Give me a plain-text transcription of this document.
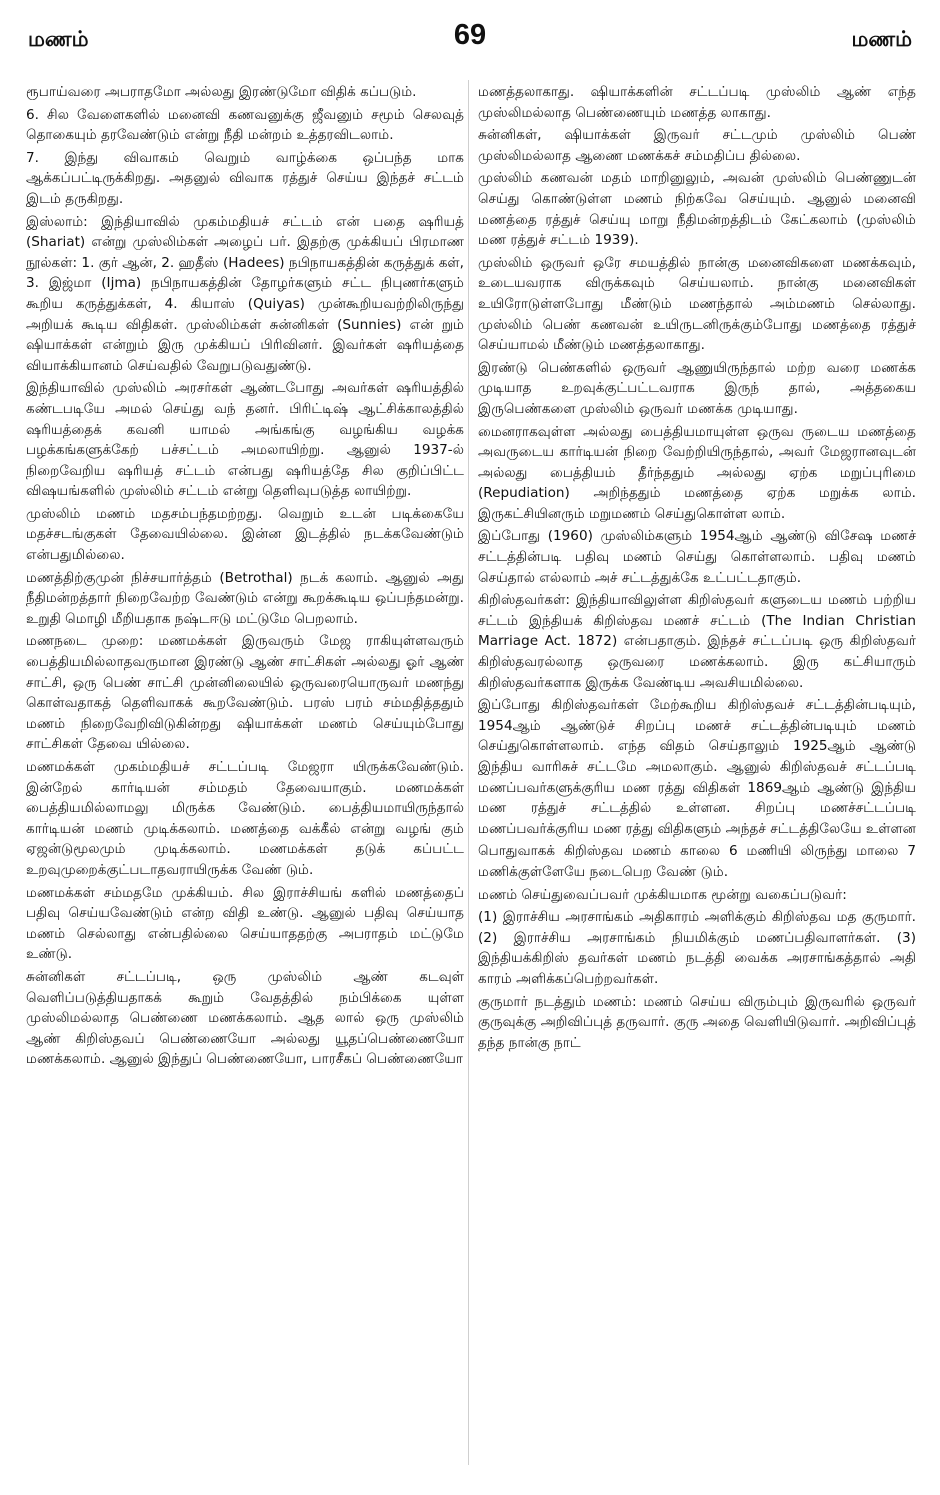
மணம்	69	மணம்

ரூபாய்வரை அபராதமோ அல்லது இரண்டுமோ விதிக் கப்படும்.

6. சில வேளைகளில் மனைவி கணவனுக்கு ஜீவனும் சமூம் செலவுத் தொகையும் தரவேண்டும் என்று நீதி மன்றம் உத்தரவிடலாம்.

7. இந்து விவாகம் வெறும் வாழ்க்கை ஒப்பந்த மாக ஆக்கப்பட்டிருக்கிறது. அதனுல் விவாக ரத்துச் செய்ய இந்தச் சட்டம் இடம் தருகிறது.

இஸ்லாம்: இந்தியாவில் முகம்மதியச் சட்டம் என் பதை ஷரியத் (Shariat) என்று முஸ்லிம்கள் அழைப் பர். இதற்கு முக்கியப் பிரமாண நூல்கள்: 1. குர் ஆன், 2. ஹதீஸ் (Hadees) நபிநாயகத்தின் கருத்துக் கள், 3. இஜ்மா (Ijma) நபிநாயகத்தின் தோழர்களும் சட்ட நிபுணர்களும் கூறிய கருத்துக்கள், 4. கியாஸ் (Quiyas) முன்கூறியவற்றிலிருந்து அறியக் கூடிய விதிகள். முஸ்லிம்கள் சுன்னிகள் (Sunnies) என் றும் ஷியாக்கள் என்றும் இரு முக்கியப் பிரிவினர். இவர்கள் ஷரியத்தை வியாக்கியானம் செய்வதில் வேறுபடுவதுண்டு.

இந்தியாவில் முஸ்லிம் அரசர்கள் ஆண்டபோது அவர்கள் ஷரியத்தில் கண்டபடியே அமல் செய்து வந் தனர். பிரிட்டிஷ் ஆட்சிக்காலத்தில் ஷரியத்தைக் கவனி யாமல் அங்கங்கு வழங்கிய வழக்க பழக்கங்களுக்கேற் பச்சட்டம் அமலாயிற்று. ஆனுல் 1937-ல் நிறைவேறிய ஷரியத் சட்டம் என்பது ஷரியத்தே சில குறிப்பிட்ட விஷயங்களில் முஸ்லிம் சட்டம் என்று தெளிவுபடுத்த லாயிற்று.

முஸ்லிம் மணம் மதசம்பந்தமற்றது. வெறும் உடன் படிக்கையே மதச்சடங்குகள் தேவையில்லை. இன்ன இடத்தில் நடக்கவேண்டும் என்பதுமில்லை.

மணத்திற்குமுன் நிச்சயார்த்தம் (Betrothal) நடக் கலாம். ஆனுல் அது நீதிமன்றத்தார் நிறைவேற்ற வேண்டும் என்று கூறக்கூடிய ஒப்பந்தமன்று. உறுதி மொழி மீறியதாக நஷ்டஈடு மட்டுமே பெறலாம்.

மணநடை முறை: மணமக்கள் இருவரும் மேஜ ராகியுள்ளவரும் பைத்தியமில்லாதவருமான இரண்டு ஆண் சாட்சிகள் அல்லது ஓர் ஆண் சாட்சி, ஒரு பெண் சாட்சி முன்னிலையில் ஒருவரையொருவர் மணந்து கொள்வதாகத் தெளிவாகக் கூறவேண்டும். பரஸ் பரம் சம்மதித்ததும் மணம் நிறைவேறிவிடுகின்றது ஷியாக்கள் மணம் செய்யும்போது சாட்சிகள் தேவை யில்லை.

மணமக்கள் முகம்மதியச் சட்டப்படி மேஜரா யிருக்கவேண்டும். இன்றேல் கார்டியன் சம்மதம் தேவையாகும். மணமக்கள் பைத்தியமில்லாமலு மிருக்க வேண்டும். பைத்தியமாயிருந்தால் கார்டியன் மணம் முடிக்கலாம். மணத்தை வக்கீல் என்று வழங் கும் ஏஜன்டுமூலமும் முடிக்கலாம். மணமக்கள் தடுக் கப்பட்ட உறவுமுறைக்குட்படாதவராயிருக்க வேண் டும்.

மணமக்கள் சம்மதமே முக்கியம். சில இராச்சியங் களில் மணத்தைப் பதிவு செய்யவேண்டும் என்ற விதி உண்டு. ஆனுல் பதிவு செய்யாத மணம் செல்லாது என்பதில்லை செய்யாததற்கு அபராதம் மட்டுமே உண்டு.

சுன்னிகள் சட்டப்படி, ஒரு முஸ்லிம் ஆண் கடவுள் வெளிப்படுத்தியதாகக் கூறும் வேதத்தில் நம்பிக்கை யுள்ள முஸ்லிமல்லாத பெண்ணை மணக்கலாம். ஆத லால் ஒரு முஸ்லிம் ஆண் கிறிஸ்தவப் பெண்ணையோ அல்லது யூதப்பெண்ணையோ மணக்கலாம். ஆனுல் இந்துப் பெண்ணையோ, பாரசீகப் பெண்ணையோ

மணத்தலாகாது. ஷியாக்களின் சட்டப்படி முஸ்லிம் ஆண் எந்த முஸ்லிமல்லாத பெண்ணையும் மணத்த லாகாது.

சுன்னிகள், ஷியாக்கள் இருவர் சட்டமும் முஸ்லிம் பெண் முஸ்லிமல்லாத ஆணை மணக்கச் சம்மதிப்ப தில்லை.

முஸ்லிம் கணவன் மதம் மாறினுலும், அவன் முஸ்லிம் பெண்ணுடன் செய்து கொண்டுள்ள மணம் நிற்கவே செய்யும். ஆனுல் மனைவி மணத்தை ரத்துச் செய்யு மாறு நீதிமன்றத்திடம் கேட்கலாம் (முஸ்லிம் மண ரத்துச் சட்டம் 1939).

முஸ்லிம் ஒருவர் ஒரே சமயத்தில் நான்கு மனைவிகளை மணக்கவும், உடையவராக விருக்கவும் செய்யலாம். நான்கு மனைவிகள் உயிரோடுள்ளபோது மீண்டும் மணந்தால் அம்மணம் செல்லாது. முஸ்லிம் பெண் கணவன் உயிருடனிருக்கும்போது மணத்தை ரத்துச் செய்யாமல் மீண்டும் மணத்தலாகாது.

இரண்டு பெண்களில் ஒருவர் ஆணுயிருந்தால் மற்ற வரை மணக்க முடியாத உறவுக்குட்பட்டவராக இருந் தால், அத்தகைய இருபெண்களை முஸ்லிம் ஒருவர் மணக்க முடியாது.

மைனராகவுள்ள அல்லது பைத்தியமாயுள்ள ஒருவ ருடைய மணத்தை அவருடைய கார்டியன் நிறை வேற்றியிருந்தால், அவர் மேஜரானவுடன் அல்லது பைத்தியம் தீர்ந்ததும் அல்லது ஏற்க மறுப்புரிமை (Repudiation) அறிந்ததும் மணத்தை ஏற்க மறுக்க லாம். இருகட்சியினரும் மறுமணம் செய்துகொள்ள லாம்.

இப்போது (1960) முஸ்லிம்களும் 1954ஆம் ஆண்டு விசேஷ மணச் சட்டத்தின்படி பதிவு மணம் செய்து கொள்ளலாம். பதிவு மணம் செய்தால் எல்லாம் அச் சட்டத்துக்கே உட்பட்டதாகும்.

கிறிஸ்தவர்கள்: இந்தியாவிலுள்ள கிறிஸ்தவர் களுடைய மணம் பற்றிய சட்டம் இந்தியக் கிறிஸ்தவ மணச் சட்டம் (The Indian Christian Marriage Act. 1872) என்பதாகும். இந்தச் சட்டப்படி ஒரு கிறிஸ்தவர் கிறிஸ்தவரல்லாத ஒருவரை மணக்கலாம். இரு கட்சியாரும் கிறிஸ்தவர்களாக இருக்க வேண்டிய அவசியமில்லை.

இப்போது கிறிஸ்தவர்கள் மேற்கூறிய கிறிஸ்தவச் சட்டத்தின்படியும், 1954ஆம் ஆண்டுச் சிறப்பு மணச் சட்டத்தின்படியும் மணம் செய்துகொள்ளலாம். எந்த விதம் செய்தாலும் 1925ஆம் ஆண்டு இந்திய வாரிசுச் சட்டமே அமலாகும். ஆனுல் கிறிஸ்தவச் சட்டப்படி மணப்பவர்களுக்குரிய மண ரத்து விதிகள் 1869ஆம் ஆண்டு இந்திய மண ரத்துச் சட்டத்தில் உள்ளன. சிறப்பு மணச்சட்டப்படி மணப்பவர்க்குரிய மண ரத்து விதிகளும் அந்தச் சட்டத்திலேயே உள்ளன

பொதுவாகக் கிறிஸ்தவ மணம் காலை 6 மணியி லிருந்து மாலை 7 மணிக்குள்ளேயே நடைபெற வேண் டும்.

மணம் செய்துவைப்பவர் முக்கியமாக மூன்று வகைப்படுவர்:

(1) இராச்சிய அரசாங்கம் அதிகாரம் அளிக்கும் கிறிஸ்தவ மத குருமார். (2) இராச்சிய அரசாங்கம் நியமிக்கும் மணப்பதிவாளர்கள். (3) இந்தியக்கிறிஸ் தவர்கள் மணம் நடத்தி வைக்க அரசாங்கத்தால் அதி காரம் அளிக்கப்பெற்றவர்கள்.

குருமார் நடத்தும் மணம்: மணம் செய்ய விரும்பும் இருவரில் ஒருவர் குருவுக்கு அறிவிப்புத் தருவார். குரு அதை வெளியிடுவார். அறிவிப்புத் தந்த நான்கு நாட்
